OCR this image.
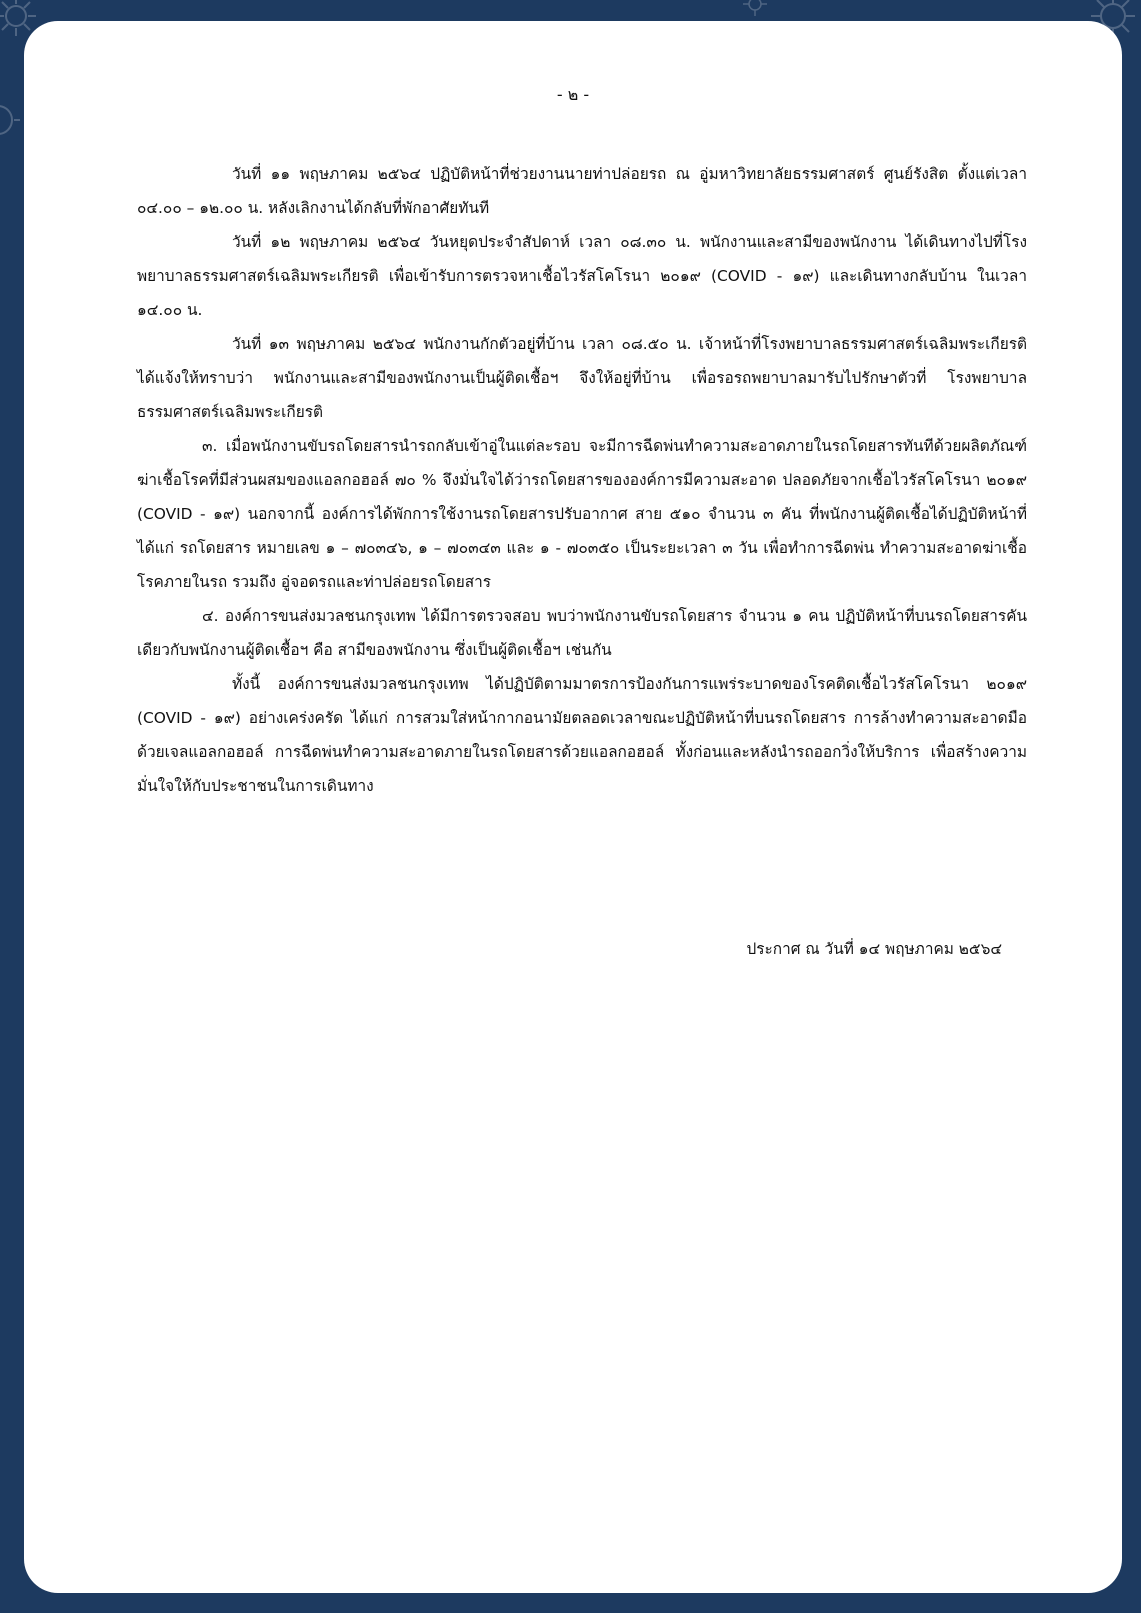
- ๒ -

วันที่ ๑๑ พฤษภาคม ๒๕๖๔ ปฏิบัติหน้าที่ช่วยงานนายท่าปล่อยรถ ณ อู่มหาวิทยาลัยธรรมศาสตร์ ศูนย์รังสิต ตั้งแต่เวลา ๐๔.๐๐ – ๑๒.๐๐ น. หลังเลิกงานได้กลับที่พักอาศัยทันที

วันที่ ๑๒ พฤษภาคม ๒๕๖๔ วันหยุดประจำสัปดาห์ เวลา ๐๘.๓๐ น. พนักงานและสามีของพนักงาน ได้เดินทางไปที่โรงพยาบาลธรรมศาสตร์เฉลิมพระเกียรติ เพื่อเข้ารับการตรวจหาเชื้อไวรัสโคโรนา ๒๐๑๙ (COVID - ๑๙) และเดินทางกลับบ้าน ในเวลา ๑๔.๐๐ น.

วันที่ ๑๓ พฤษภาคม ๒๕๖๔ พนักงานกักตัวอยู่ที่บ้าน เวลา ๐๘.๕๐ น. เจ้าหน้าที่โรงพยาบาลธรรมศาสตร์เฉลิมพระเกียรติ ได้แจ้งให้ทราบว่า พนักงานและสามีของพนักงานเป็นผู้ติดเชื้อฯ จึงให้อยู่ที่บ้าน เพื่อรอรถพยาบาลมารับไปรักษาตัวที่ โรงพยาบาลธรรมศาสตร์เฉลิมพระเกียรติ

๓. เมื่อพนักงานขับรถโดยสารนำรถกลับเข้าอู่ในแต่ละรอบ จะมีการฉีดพ่นทำความสะอาดภายในรถโดยสารทันทีด้วยผลิตภัณฑ์ฆ่าเชื้อโรคที่มีส่วนผสมของแอลกอฮอล์ ๗๐ % จึงมั่นใจได้ว่ารถโดยสารขององค์การมีความสะอาด ปลอดภัยจากเชื้อไวรัสโคโรนา ๒๐๑๙ (COVID - ๑๙) นอกจากนี้ องค์การได้พักการใช้งานรถโดยสารปรับอากาศ สาย ๕๑๐ จำนวน ๓ คัน ที่พนักงานผู้ติดเชื้อได้ปฏิบัติหน้าที่ ได้แก่ รถโดยสาร หมายเลข ๑ – ๗๐๓๔๖, ๑ – ๗๐๓๔๓ และ ๑ - ๗๐๓๕๐ เป็นระยะเวลา ๓ วัน เพื่อทำการฉีดพ่น ทำความสะอาดฆ่าเชื้อโรคภายในรถ รวมถึง อู่จอดรถและท่าปล่อยรถโดยสาร

๔. องค์การขนส่งมวลชนกรุงเทพ ได้มีการตรวจสอบ พบว่าพนักงานขับรถโดยสาร จำนวน ๑ คน ปฏิบัติหน้าที่บนรถโดยสารคันเดียวกับพนักงานผู้ติดเชื้อฯ คือ สามีของพนักงาน ซึ่งเป็นผู้ติดเชื้อฯ เช่นกัน

ทั้งนี้ องค์การขนส่งมวลชนกรุงเทพ ได้ปฏิบัติตามมาตรการป้องกันการแพร่ระบาดของโรคติดเชื้อไวรัสโคโรนา ๒๐๑๙ (COVID - ๑๙) อย่างเคร่งครัด ได้แก่ การสวมใส่หน้ากากอนามัยตลอดเวลาขณะปฏิบัติหน้าที่บนรถโดยสาร การล้างทำความสะอาดมือด้วยเจลแอลกอฮอล์ การฉีดพ่นทำความสะอาดภายในรถโดยสารด้วยแอลกอฮอล์ ทั้งก่อนและหลังนำรถออกวิ่งให้บริการ เพื่อสร้างความมั่นใจให้กับประชาชนในการเดินทาง

ประกาศ ณ วันที่ ๑๔ พฤษภาคม ๒๕๖๔
